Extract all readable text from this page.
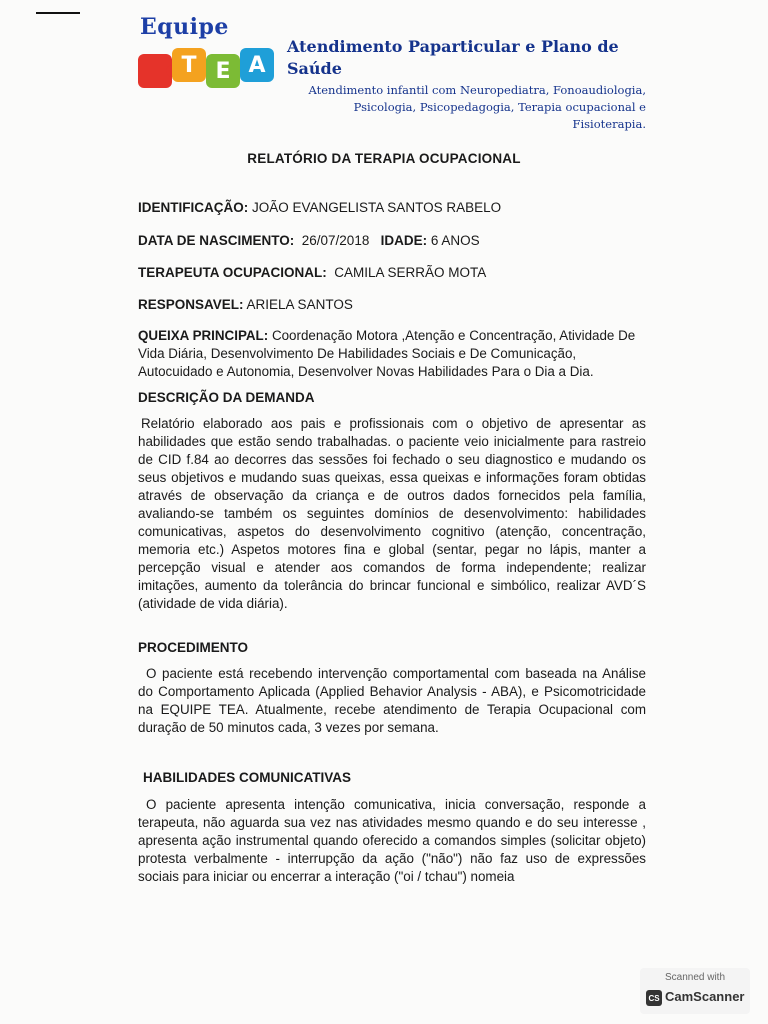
Equipe
T E A
Atendimento Paparticular e Plano de Saúde
Atendimento infantil com Neuropediatra, Fonoaudiologia,
Psicologia, Psicopedagogia, Terapia ocupacional e Fisioterapia.
RELATÓRIO DA TERAPIA OCUPACIONAL
IDENTIFICAÇÃO: JOÃO EVANGELISTA SANTOS RABELO
DATA DE NASCIMENTO: 26/07/2018 IDADE: 6 ANOS
TERAPEUTA OCUPACIONAL: CAMILA SERRÃO MOTA
RESPONSAVEL: ARIELA SANTOS
QUEIXA PRINCIPAL: Coordenação Motora ,Atenção e Concentração, Atividade De Vida Diária, Desenvolvimento De Habilidades Sociais e De Comunicação, Autocuidado e Autonomia, Desenvolver Novas Habilidades Para o Dia a Dia.
DESCRIÇÃO DA DEMANDA
Relatório elaborado aos pais e profissionais com o objetivo de apresentar as habilidades que estão sendo trabalhadas. o paciente veio inicialmente para rastreio de CID f.84 ao decorres das sessões foi fechado o seu diagnostico e mudando os seus objetivos e mudando suas queixas, essa queixas e informações foram obtidas através de observação da criança e de outros dados fornecidos pela família, avaliando-se também os seguintes domínios de desenvolvimento: habilidades comunicativas, aspetos do desenvolvimento cognitivo (atenção, concentração, memoria etc.) Aspetos motores fina e global (sentar, pegar no lápis, manter a percepção visual e atender aos comandos de forma independente; realizar imitações, aumento da tolerância do brincar funcional e simbólico, realizar AVD´S (atividade de vida diária).
PROCEDIMENTO
O paciente está recebendo intervenção comportamental com baseada na Análise do Comportamento Aplicada (Applied Behavior Analysis - ABA), e Psicomotricidade na EQUIPE TEA. Atualmente, recebe atendimento de Terapia Ocupacional com duração de 50 minutos cada, 3 vezes por semana.
HABILIDADES COMUNICATIVAS
O paciente apresenta intenção comunicativa, inicia conversação, responde a terapeuta, não aguarda sua vez nas atividades mesmo quando e do seu interesse , apresenta ação instrumental quando oferecido a comandos simples (solicitar objeto) protesta verbalmente - interrupção da ação ("não") não faz uso de expressões sociais para iniciar ou encerrar a interação ("oi / tchau") nomeia
Scanned with
CS CamScanner
